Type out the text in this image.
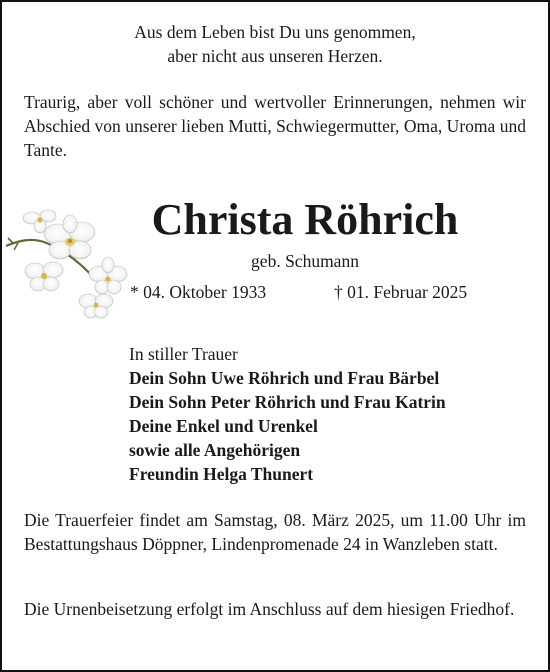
Aus dem Leben bist Du uns genommen,
aber nicht aus unseren Herzen.
Traurig, aber voll schöner und wertvoller Erinnerungen, nehmen wir Abschied von unserer lieben Mutti, Schwiegermutter, Oma, Uroma und Tante.
Christa Röhrich
geb. Schumann
* 04. Oktober 1933	† 01. Februar 2025
In stiller Trauer
Dein Sohn Uwe Röhrich und Frau Bärbel
Dein Sohn Peter Röhrich und Frau Katrin
Deine Enkel und Urenkel
sowie alle Angehörigen
Freundin Helga Thunert
Die Trauerfeier findet am Samstag, 08. März 2025, um 11.00 Uhr im Bestattungshaus Döppner, Lindenpromenade 24 in Wanzleben statt.
Die Urnenbeisetzung erfolgt im Anschluss auf dem hiesigen Friedhof.
